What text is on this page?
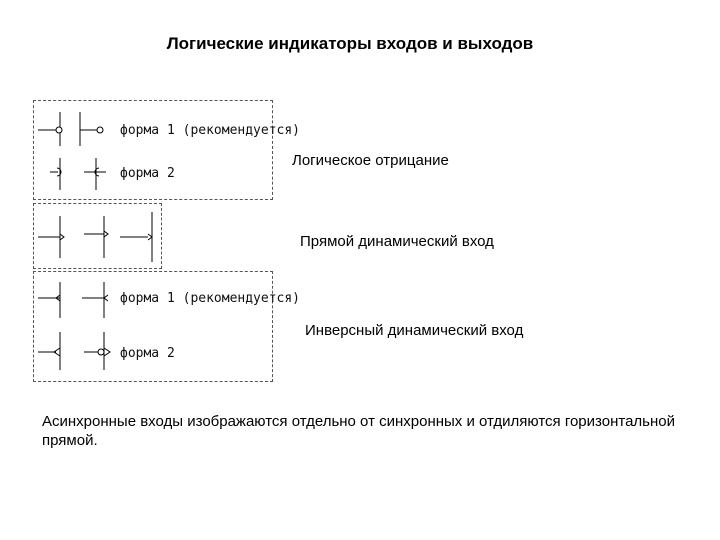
Логические индикаторы входов и выходов
форма 1 (рекомендуется)
форма 2
форма 1 (рекомендуется)
форма 2
Логическое отрицание
Прямой динамический вход
Инверсный динамический вход
Асинхронные входы изображаются отдельно от синхронных и отдиляются горизонтальной прямой.
